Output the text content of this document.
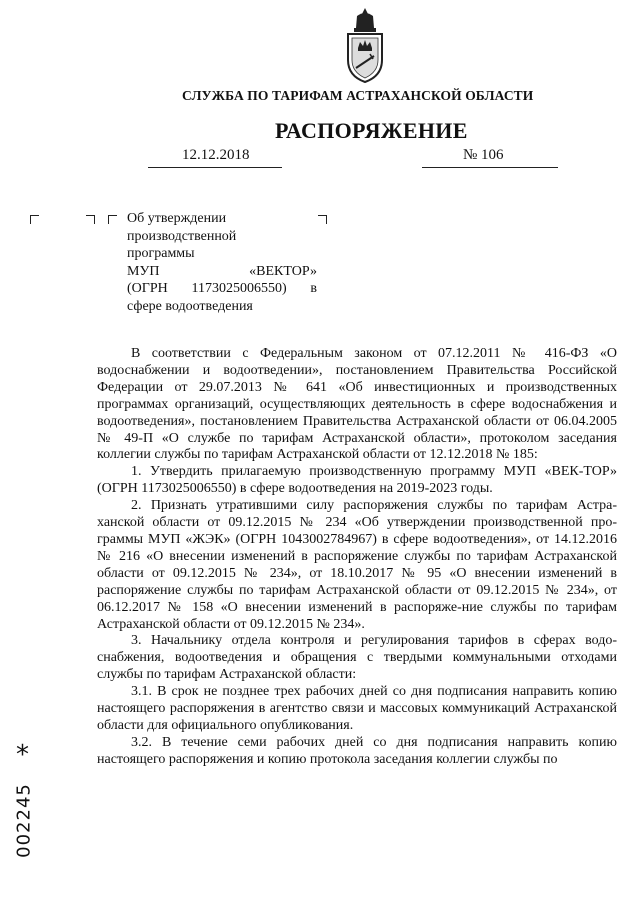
СЛУЖБА ПО ТАРИФАМ АСТРАХАНСКОЙ ОБЛАСТИ
РАСПОРЯЖЕНИЕ
12.12.2018	№ 106
Об утверждении
производственной
программы
МУП	«ВЕКТОР»
(ОГРН 1173025006550) в
сфере водоотведения

В соответствии с Федеральным законом от 07.12.2011 № 416-ФЗ «О водоснабжении и водоотведении», постановлением Правительства Российской Федерации от 29.07.2013 № 641 «Об инвестиционных и производственных программах организаций, осуществляющих деятельность в сфере водоснабжения и водоотведения», постановлением Правительства Астраханской области от 06.04.2005 № 49-П «О службе по тарифам Астраханской области», протоколом заседания коллегии службы по тарифам Астраханской области от 12.12.2018 № 185:

1. Утвердить прилагаемую производственную программу МУП «ВЕК-ТОР» (ОГРН 1173025006550) в сфере водоотведения на 2019-2023 годы.

2. Признать утратившими силу распоряжения службы по тарифам Астра-ханской области от 09.12.2015 № 234 «Об утверждении производственной про-граммы МУП «ЖЭК» (ОГРН 1043002784967) в сфере водоотведения», от 14.12.2016 № 216 «О внесении изменений в распоряжение службы по тарифам Астраханской области от 09.12.2015 № 234», от 18.10.2017 № 95 «О внесении изменений в распоряжение службы по тарифам Астраханской области от 09.12.2015 № 234», от 06.12.2017 № 158 «О внесении изменений в распоряже-ние службы по тарифам Астраханской области от 09.12.2015 № 234».

3. Начальнику отдела контроля и регулирования тарифов в сферах водо-снабжения, водоотведения и обращения с твердыми коммунальными отходами службы по тарифам Астраханской области:

3.1. В срок не позднее трех рабочих дней со дня подписания направить копию настоящего распоряжения в агентство связи и массовых коммуникаций Астраханской области для официального опубликования.

3.2. В течение семи рабочих дней со дня подписания направить копию настоящего распоряжения и копию протокола заседания коллегии службы по

*
002245
